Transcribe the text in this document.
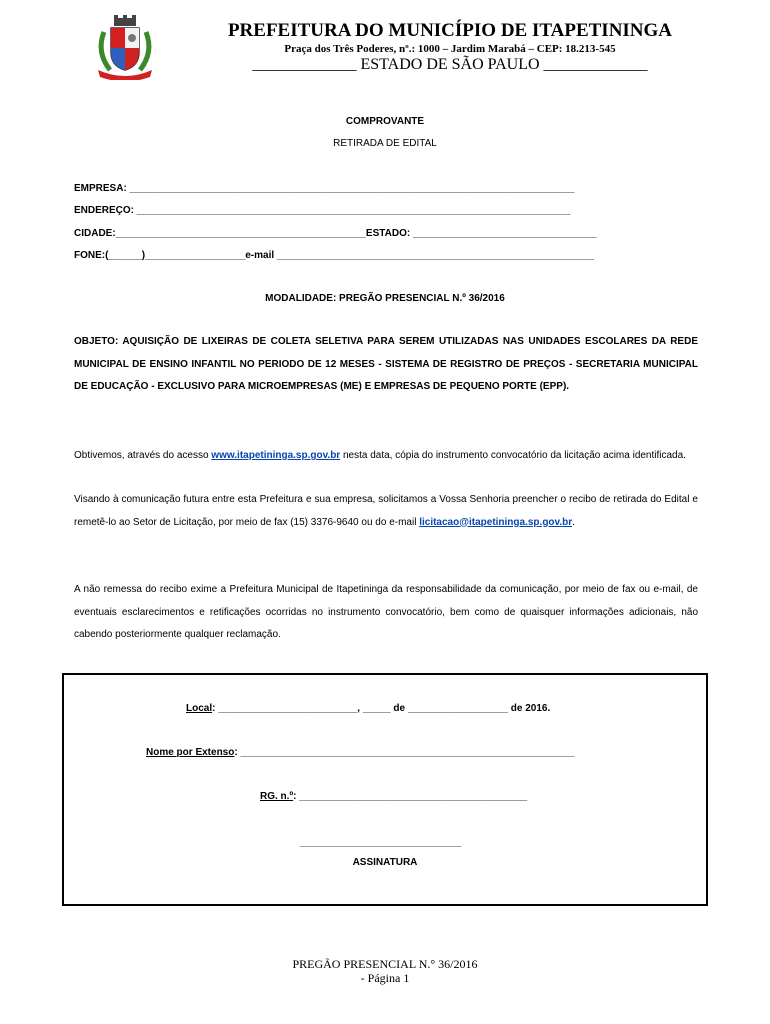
PREFEITURA DO MUNICÍPIO DE ITAPETININGA
Praça dos Três Poderes, nº.: 1000 – Jardim Marabá – CEP: 18.213-545
_____________ ESTADO DE SÃO PAULO _____________
COMPROVANTE
RETIRADA DE EDITAL
EMPRESA: ________________________________________________________________________________
ENDEREÇO: ______________________________________________________________________________
CIDADE:_____________________________________________ESTADO: _________________________________
FONE:(______)__________________e-mail _________________________________________________________
MODALIDADE: PREGÃO PRESENCIAL N.º 36/2016
OBJETO: AQUISIÇÃO DE LIXEIRAS DE COLETA SELETIVA PARA SEREM UTILIZADAS NAS UNIDADES ESCOLARES DA REDE MUNICIPAL DE ENSINO INFANTIL NO PERIODO DE 12 MESES - SISTEMA DE REGISTRO DE PREÇOS - SECRETARIA MUNICIPAL DE EDUCAÇÃO - EXCLUSIVO PARA MICROEMPRESAS (ME) E EMPRESAS DE PEQUENO PORTE (EPP).
Obtivemos, através do acesso www.itapetininga.sp.gov.br nesta data, cópia do instrumento convocatório da licitação acima identificada.
Visando à comunicação futura entre esta Prefeitura e sua empresa, solicitamos a Vossa Senhoria preencher o recibo de retirada do Edital e remetê-lo ao Setor de Licitação, por meio de fax (15) 3376-9640 ou do e-mail licitacao@itapetininga.sp.gov.br.
A não remessa do recibo exime a Prefeitura Municipal de Itapetininga da responsabilidade da comunicação, por meio de fax ou e-mail, de eventuais esclarecimentos e retificações ocorridas no instrumento convocatório, bem como de quaisquer informações adicionais, não cabendo posteriormente qualquer reclamação.
Local: _________________________, _____ de __________________ de 2016.
Nome por Extenso: ____________________________________________________________
RG. n.º: _________________________________________
_____________________________
ASSINATURA
PREGÃO PRESENCIAL N.° 36/2016
- Página 1
